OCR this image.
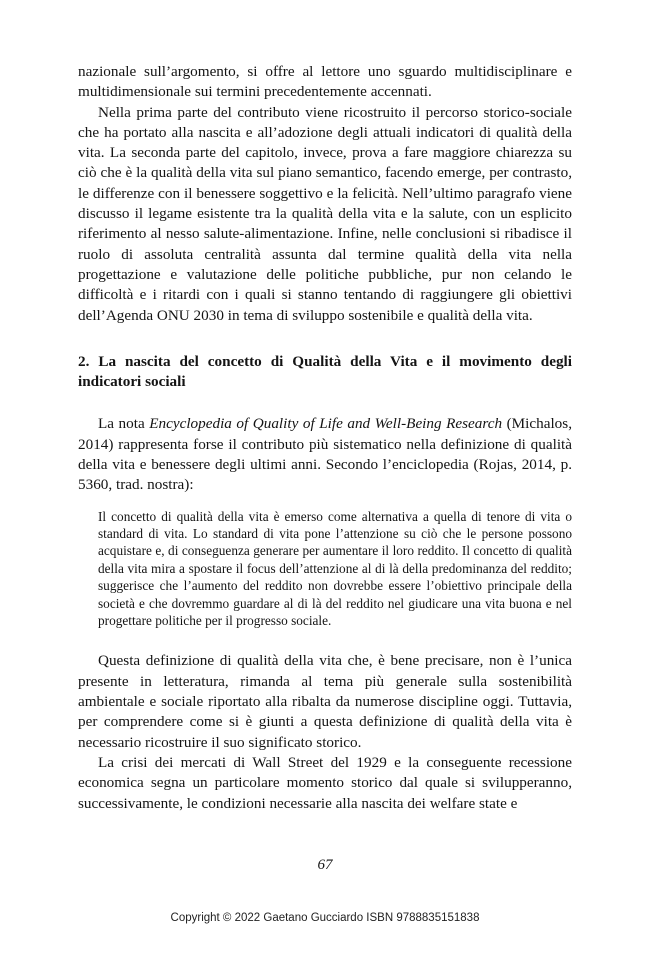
nazionale sull’argomento, si offre al lettore uno sguardo multidisciplinare e multidimensionale sui termini precedentemente accennati.

Nella prima parte del contributo viene ricostruito il percorso storico-sociale che ha portato alla nascita e all’adozione degli attuali indicatori di qualità della vita. La seconda parte del capitolo, invece, prova a fare maggiore chiarezza su ciò che è la qualità della vita sul piano semantico, facendo emerge, per contrasto, le differenze con il benessere soggettivo e la felicità. Nell’ultimo paragrafo viene discusso il legame esistente tra la qualità della vita e la salute, con un esplicito riferimento al nesso salute-alimentazione. Infine, nelle conclusioni si ribadisce il ruolo di assoluta centralità assunta dal termine qualità della vita nella progettazione e valutazione delle politiche pubbliche, pur non celando le difficoltà e i ritardi con i quali si stanno tentando di raggiungere gli obiettivi dell’Agenda ONU 2030 in tema di sviluppo sostenibile e qualità della vita.

2. La nascita del concetto di Qualità della Vita e il movimento degli indicatori sociali

La nota Encyclopedia of Quality of Life and Well-Being Research (Michalos, 2014) rappresenta forse il contributo più sistematico nella definizione di qualità della vita e benessere degli ultimi anni. Secondo l’enciclopedia (Rojas, 2014, p. 5360, trad. nostra):

Il concetto di qualità della vita è emerso come alternativa a quella di tenore di vita o standard di vita. Lo standard di vita pone l’attenzione su ciò che le persone possono acquistare e, di conseguenza generare per aumentare il loro reddito. Il concetto di qualità della vita mira a spostare il focus dell’attenzione al di là della predominanza del reddito; suggerisce che l’aumento del reddito non dovrebbe essere l’obiettivo principale della società e che dovremmo guardare al di là del reddito nel giudicare una vita buona e nel progettare politiche per il progresso sociale.

Questa definizione di qualità della vita che, è bene precisare, non è l’unica presente in letteratura, rimanda al tema più generale sulla sostenibilità ambientale e sociale riportato alla ribalta da numerose discipline oggi. Tuttavia, per comprendere come si è giunti a questa definizione di qualità della vita è necessario ricostruire il suo significato storico.

La crisi dei mercati di Wall Street del 1929 e la conseguente recessione economica segna un particolare momento storico dal quale si svilupperanno, successivamente, le condizioni necessarie alla nascita dei welfare state e

67
Copyright © 2022 Gaetano Gucciardo ISBN 9788835151838
